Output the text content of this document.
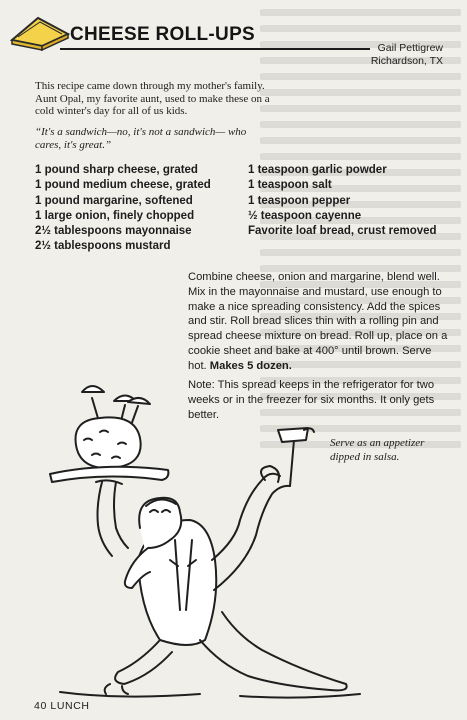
CHEESE ROLL-UPS
Gail Pettigrew
Richardson, TX
This recipe came down through my mother's family. Aunt Opal, my favorite aunt, used to make these on a cold winter's day for all of us kids.
“It's a sandwich—no, it's not a sandwich— who cares, it's great.”
1 pound sharp cheese, grated
1 pound medium cheese, grated
1 pound margarine, softened
1 large onion, finely chopped
2½ tablespoons mayonnaise
2½ tablespoons mustard
1 teaspoon garlic powder
1 teaspoon salt
1 teaspoon pepper
½ teaspoon cayenne
Favorite loaf bread, crust removed
Combine cheese, onion and margarine, blend well. Mix in the mayonnaise and mustard, use enough to make a nice spreading consistency. Add the spices and stir. Roll bread slices thin with a rolling pin and spread cheese mixture on bread. Roll up, place on a cookie sheet and bake at 400° until brown. Serve hot. Makes 5 dozen.
Note: This spread keeps in the refrigerator for two weeks or in the freezer for six months. It only gets better.
Serve as an appetizer dipped in salsa.
40 LUNCH
